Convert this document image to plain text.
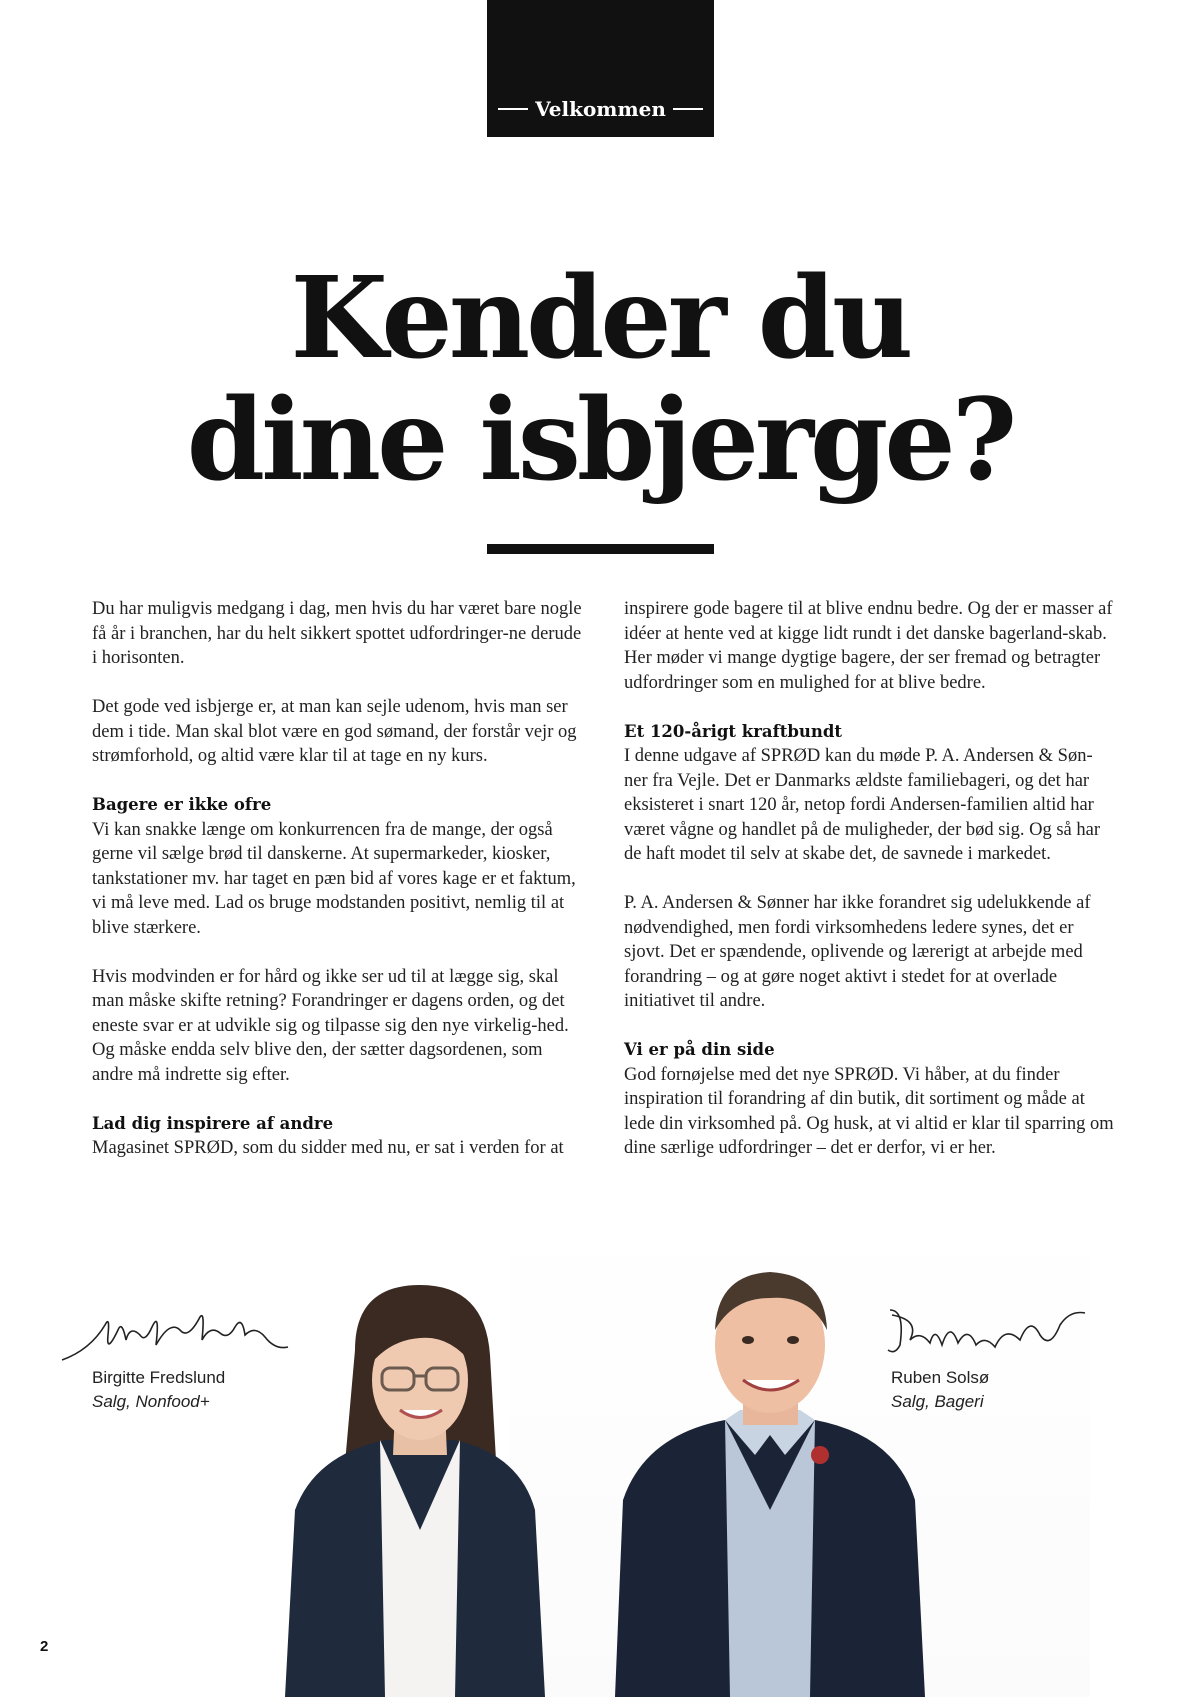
Velkommen
Kender du
dine isbjerge?

Du har muligvis medgang i dag, men hvis du har været bare nogle få år i branchen, har du helt sikkert spottet udfordringer-ne derude i horisonten.

Det gode ved isbjerge er, at man kan sejle udenom, hvis man ser dem i tide. Man skal blot være en god sømand, der forstår vejr og strømforhold, og altid være klar til at tage en ny kurs.

Bagere er ikke ofre

Vi kan snakke længe om konkurrencen fra de mange, der også gerne vil sælge brød til danskerne. At supermarkeder, kiosker, tankstationer mv. har taget en pæn bid af vores kage er et faktum, vi må leve med. Lad os bruge modstanden positivt, nemlig til at blive stærkere.

Hvis modvinden er for hård og ikke ser ud til at lægge sig, skal man måske skifte retning? Forandringer er dagens orden, og det eneste svar er at udvikle sig og tilpasse sig den nye virkelig-hed. Og måske endda selv blive den, der sætter dagsordenen, som andre må indrette sig efter.

Lad dig inspirere af andre

Magasinet SPRØD, som du sidder med nu, er sat i verden for at

inspirere gode bagere til at blive endnu bedre. Og der er masser af idéer at hente ved at kigge lidt rundt i det danske bagerland-skab. Her møder vi mange dygtige bagere, der ser fremad og betragter udfordringer som en mulighed for at blive bedre.

Et 120-årigt kraftbundt

I denne udgave af SPRØD kan du møde P. A. Andersen & Søn-ner fra Vejle. Det er Danmarks ældste familiebageri, og det har eksisteret i snart 120 år, netop fordi Andersen-familien altid har været vågne og handlet på de muligheder, der bød sig. Og så har de haft modet til selv at skabe det, de savnede i markedet.

P. A. Andersen & Sønner har ikke forandret sig udelukkende af nødvendighed, men fordi virksomhedens ledere synes, det er sjovt. Det er spændende, oplivende og lærerigt at arbejde med forandring – og at gøre noget aktivt i stedet for at overlade initiativet til andre.

Vi er på din side

God fornøjelse med det nye SPRØD. Vi håber, at du finder inspiration til forandring af din butik, dit sortiment og måde at lede din virksomhed på. Og husk, at vi altid er klar til sparring om dine særlige udfordringer – det er derfor, vi er her.

Birgitte Fredslund
Salg, Nonfood+
Ruben Solsø
Salg, Bageri
2
